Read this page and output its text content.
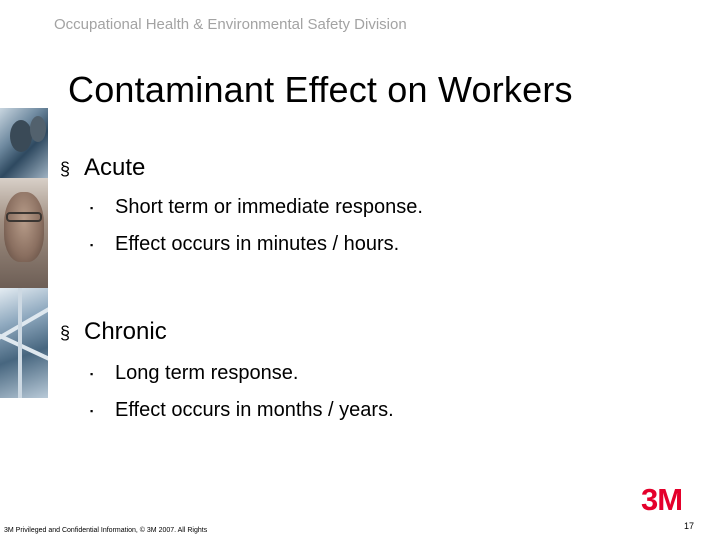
Occupational Health & Environmental Safety Division
Contaminant Effect on Workers
§ Acute
▪ Short term or immediate response.
▪ Effect occurs in minutes / hours.
§ Chronic
▪ Long term response.
▪ Effect occurs in months / years.
3M Privileged and Confidential Information, © 3M 2007. All Rights
3M
17
